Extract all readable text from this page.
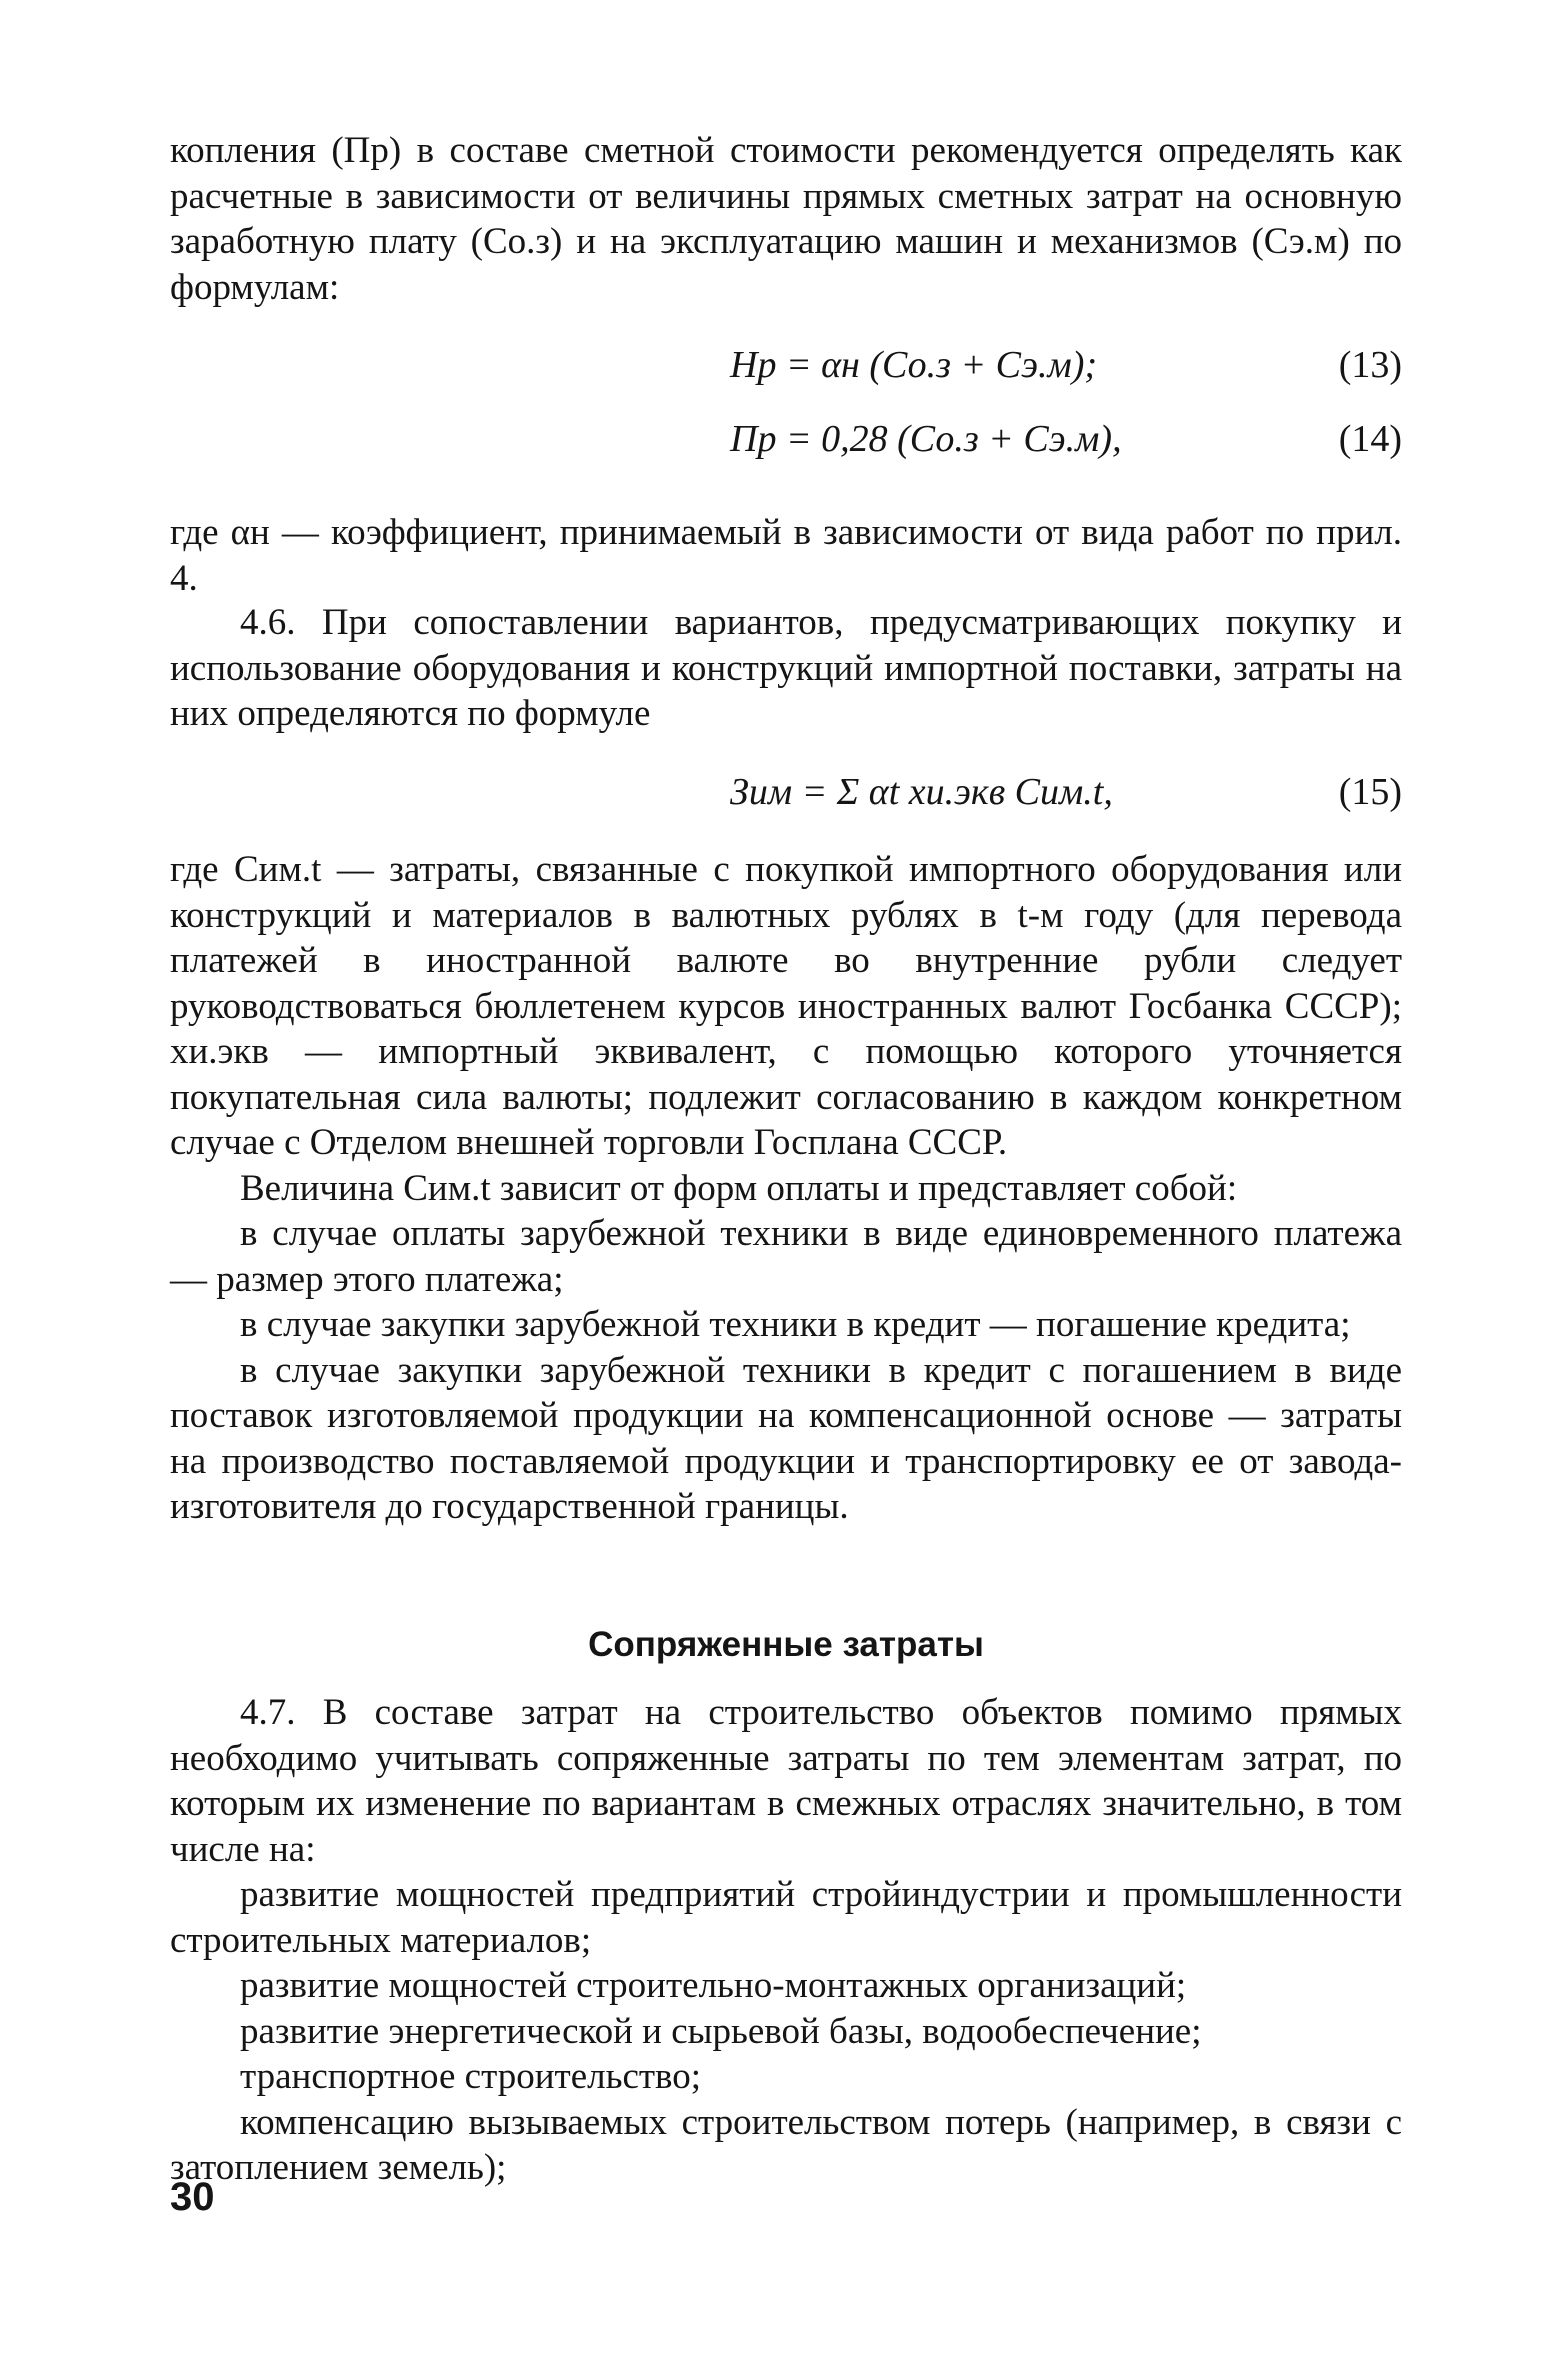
копления (Пр) в составе сметной стоимости рекомендуется определять как расчетные в зависимости от величины прямых сметных затрат на основную заработную плату (Со.з) и на эксплуатацию машин и механизмов (Сэ.м) по формулам:

Нр = αн (Со.з + Сэ.м);	(13)
Пр = 0,28 (Со.з + Сэ.м),	(14)

где αн — коэффициент, принимаемый в зависимости от вида работ по прил. 4.

4.6. При сопоставлении вариантов, предусматривающих покупку и использование оборудования и конструкций импортной поставки, затраты на них определяются по формуле

Зим = Σ αt xи.экв Сим.t,	(15)

где Сим.t — затраты, связанные с покупкой импортного оборудования или конструкций и материалов в валютных рублях в t-м году (для перевода платежей в иностранной валюте во внутренние рубли следует руководствоваться бюллетенем курсов иностранных валют Госбанка СССР); xи.экв — импортный эквивалент, с помощью которого уточняется покупательная сила валюты; подлежит согласованию в каждом конкретном случае с Отделом внешней торговли Госплана СССР.

Величина Сим.t зависит от форм оплаты и представляет собой:

в случае оплаты зарубежной техники в виде единовременного платежа — размер этого платежа;

в случае закупки зарубежной техники в кредит — погашение кредита;

в случае закупки зарубежной техники в кредит с погашением в виде поставок изготовляемой продукции на компенсационной основе — затраты на производство поставляемой продукции и транспортировку ее от завода-изготовителя до государственной границы.

Сопряженные затраты

4.7. В составе затрат на строительство объектов помимо прямых необходимо учитывать сопряженные затраты по тем элементам затрат, по которым их изменение по вариантам в смежных отраслях значительно, в том числе на:

развитие мощностей предприятий стройиндустрии и промышленности строительных материалов;

развитие мощностей строительно-монтажных организаций;

развитие энергетической и сырьевой базы, водообеспечение;

транспортное строительство;

компенсацию вызываемых строительством потерь (например, в связи с затоплением земель);

30
